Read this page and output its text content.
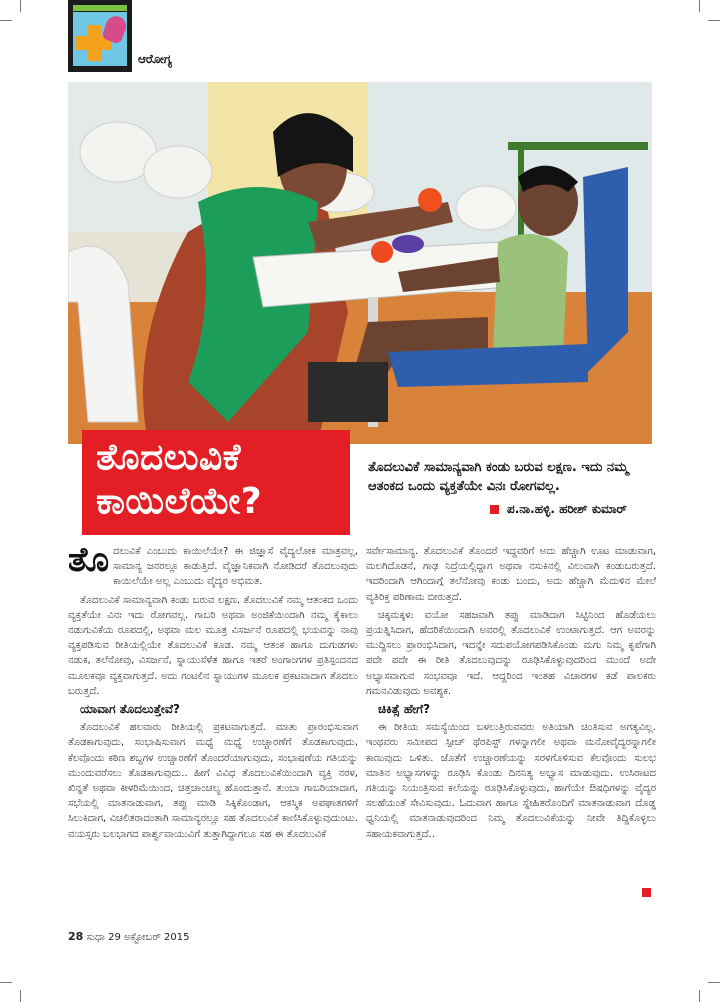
ಆರೋಗ್ಯ
ತೊದಲುವಿಕೆ
ಕಾಯಿಲೆಯೇ?
ತೊದಲುವಿಕೆ ಸಾಮಾನ್ಯವಾಗಿ ಕಂಡು ಬರುವ ಲಕ್ಷಣ. ಇದು ನಮ್ಮ ಆತಂಕದ ಒಂದು ವ್ಯಕ್ತತೆಯೇ ವಿನಃ ರೋಗವಲ್ಲ.
ಪ.ನಾ.ಹಳ್ಳಿ. ಹರೀಶ್ ಕುಮಾರ್

ತೊದಲುವಿಕೆ ಎಂಬುದು ಕಾಯಿಲೆಯೇ? ಈ ಜಿಜ್ಞಾಸೆ ವೈದ್ಯಲೋಕ ಮಾತ್ರವಲ್ಲ, ಸಾಮಾನ್ಯ ಜನರಲ್ಲೂ ಕಾಡುತ್ತಿದೆ. ವೈಜ್ಞಾನಿಕವಾಗಿ ನೋಡಿದರೆ ತೊದಲುವುದು ಕಾಯಿಲೆಯೇ ಅಲ್ಲ ಎಂಬುದು ವೈದ್ಯರ ಅಭಿಮತ.

ತೊದಲುವಿಕೆ ಸಾಮಾನ್ಯವಾಗಿ ಕಂಡು ಬರುವ ಲಕ್ಷಣ. ತೊದಲುವಿಕೆ ನಮ್ಮ ಆತಂಕದ ಒಂದು ವ್ಯಕ್ತತೆಯೇ ವಿನಃ ಇದು ರೋಗವಲ್ಲ. ಗಾಬರಿ ಅಥವಾ ಅಂಜಿಕೆಯಿಂದಾಗಿ ನಮ್ಮ ಕೈಕಾಲು ನಡುಗುವಿಕೆಯ ರೂಪದಲ್ಲಿ, ಅಥವಾ ಮಲ ಮೂತ್ರ ವಿಸರ್ಜನೆ ರೂಪದಲ್ಲಿ ಭಯವನ್ನು ನಾವು ವ್ಯಕ್ತಪಡಿಸುವ ರೀತಿಯಲ್ಲಿಯೇ ತೊದಲುವಿಕೆ ಕೂಡ. ನಮ್ಮ ಆತಂಕ ಹಾಗೂ ದುಗುಡಗಳು ನಡುಕ, ತಲೆನೋವು, ವಿಸರ್ಜನೆ, ಸ್ನಾಯುಸೆಳೆತ ಹಾಗೂ ಇತರೆ ಅಂಗಾಂಗಗಳ ಪ್ರತಿಸ್ಪಂದನದ ಮೂಲಕವೂ ವ್ಯಕ್ತವಾಗುತ್ತದೆ. ಅದು ಗಂಟಲಿನ ಸ್ನಾಯುಗಳ ಮೂಲಕ ಪ್ರಕಟವಾದಾಗ ತೊದಲು ಬರುತ್ತದೆ.

ಯಾವಾಗ ತೊದಲುತ್ತೇವೆ?

ತೊದಲುವಿಕೆ ಹಲವಾರು ರೀತಿಯಲ್ಲಿ ಪ್ರಕಟವಾಗುತ್ತದೆ. ಮಾತು ಪ್ರಾರಂಭಿಸುವಾಗ ತೊಡಕಾಗುವುದು, ಸಂಭಾಷಿಸುವಾಗ ಮಧ್ಯೆ ಮಧ್ಯೆ ಉಚ್ಚಾರಣೆಗೆ ತೊಡಕಾಗುವುದು, ಕೆಲವೊಂದು ಕಠಿಣ ಶಬ್ದಗಳ ಉಚ್ಚಾರಣೆಗೆ ತೊಂದರೆಯಾಗುವುದು, ಸಂಭಾಷಣೆಯ ಗತಿಯನ್ನು ಮುಂದುವರೆಸಲು ತೊಡಕಾಗುವುದು.. ಹೀಗೆ ವಿವಿಧ ತೊದಲುವಿಕೆಯಿಂದಾಗಿ ವ್ಯಕ್ತಿ ನರಳ, ಖಿನ್ನತೆ ಅಥವಾ ಕೀಳರಿಮೆಯಿಂದ, ಚಿತ್ತಚಾಂಚಲ್ಯ ಹೊಂದುತ್ತಾನೆ. ತುಂಬಾ ಗಾಬರಿಯಾದಾಗ, ಸಭೆಯಲ್ಲಿ ಮಾತನಾಡುವಾಗ, ತಪ್ಪು ಮಾಡಿ ಸಿಕ್ಕಿಕೊಂಡಾಗ, ಆಕಸ್ಮಿಕ ಅಪಘಾತಗಳಿಗೆ ಸಿಲುಕಿದಾಗ, ವಿಚಲಿತರಾದಂತಾಗಿ ಸಾಮಾನ್ಯರಲ್ಲೂ ಸಹ ತೊದಲುವಿಕೆ ಕಾಣಿಸಿಕೊಳ್ಳುವುದುಂಟು. ವಯಸ್ಸರು ಬಲಭಾಗದ ಪಾರ್ಶ್ವವಾಯುವಿಗೆ ತುತ್ತಾಗಿದ್ದಾಗಲೂ ಸಹ ಈ ತೊದಲುವಿಕೆ

ಸರ್ವೇಸಾಮಾನ್ಯ. ತೊದಲುವಿಕೆ ತೊಂದರೆ ಇದ್ದವರಿಗೆ ಅದು ಹೆಚ್ಚಾಗಿ ಊಟ ಮಾಡುವಾಗ, ಮಲಗಿದೊಡನೆ, ಗಾಢ ನಿದ್ರೆಯಲ್ಲಿದ್ದಾಗ ಅಥವಾ ನಸುಕಿನಲ್ಲಿ ವಿಲುವಾಗಿ ಕಂಡುಬರುತ್ತದೆ. ಇದರಿಂದಾಗಿ ಆಗಿಂದಾಗ್ಗೆ ತಲೆನೋವು ಕಂಡು ಬಂದು, ಅದು ಹೆಚ್ಚಾಗಿ ಮೆದುಳಿನ ಮೇಲೆ ವ್ಯತಿರಿಕ್ತ ಪರಿಣಾಮ ಬೀರುತ್ತದೆ.

ಚಿಕ್ಕಮಕ್ಕಳು ವಯೋ ಸಹಜವಾಗಿ ತಪ್ಪು ಮಾಡಿದಾಗ ಸಿಟ್ಟಿನಿಂದ ಹೊಡೆಯಲು ಪ್ರಯತ್ನಿಸಿದಾಗ, ಹೆದರಿಕೆಯಿಂದಾಗಿ ಅವರಲ್ಲಿ ತೊದಲುವಿಕೆ ಉಂಟಾಗುತ್ತದೆ. ಆಗ ಅವರನ್ನು ಮುದ್ದಿಸಲು ಪ್ರಾರಂಭಿಸಿದಾಗ, ಇದನ್ನೇ ಸದುಪಯೋಗಪಡಿಸಿಕೊಂಡು ಮಗು ನಿಮ್ಮ ಕೃಪೆಗಾಗಿ ಪದೇ ಪದೇ ಈ ರೀತಿ ತೊದಲುವುದನ್ನು ರೂಢಿಸಿಕೊಳ್ಳುವುದರಿಂದ ಮುಂದೆ ಅದೇ ಅಭ್ಯಾಸವಾಗುವ ಸಂಭವವೂ ಇದೆ. ಆದ್ದರಿಂದ ಇಂತಹ ವಿಚಾರಗಳ ಕಡೆ ಪಾಲಕರು ಗಮನವಿಡುವುದು ಅವಶ್ಯಕ.

ಚಿಕಿತ್ಸೆ ಹೇಗೆ?

ಈ ರೀತಿಯ ಸಮಸ್ಯೆಯಿಂದ ಬಳಲುತ್ತಿರುವವರು ಅತಿಯಾಗಿ ಚಿಂತಿಸುವ ಅಗತ್ಯವಿಲ್ಲ. ಇಂಥವರು ಸಮೀಪದ ಸ್ಪೀಚ್ ಥೆರಪಿಸ್ಟ್ ಗಳನ್ನಾಗಲೀ ಅಥವಾ ಮನೋವೈದ್ಯರನ್ನಾಗಲೀ ಕಾಣುವುದು ಒಳಿತು. ಜೊತೆಗೆ ಉಚ್ಚಾರಣೆಯನ್ನು ಸರಳಗೊಳಿಸುವ ಕೆಲವೊಂದು ಸುಲಭ ಮಾತಿನ ಅಭ್ಯಾಸಗಳನ್ನು ರೂಢಿಸಿ ಕೊಂಡು ದಿನನಿತ್ಯ ಅಭ್ಯಾಸ ಮಾಡುವುದು. ಉಸಿರಾಟದ ಗತಿಯನ್ನು ನಿಯಂತ್ರಿಸುವ ಕಲೆಯನ್ನು ರೂಢಿಸಿಕೊಳ್ಳುವುದು, ಹಾಗೆಯೇ ಔಷಧಿಗಳನ್ನು ವೈದ್ಯರ ಸಲಹೆಯಂತೆ ಸೇವಿಸುವುದು. ಓದುವಾಗ ಹಾಗೂ ಸ್ನೇಹಿತರೊಂದಿಗೆ ಮಾತನಾಡುವಾಗ ದೊಡ್ಡ ಧ್ವನಿಯಲ್ಲಿ ಮಾತನಾಡುವುದರಿಂದ ನಿಮ್ಮ ತೊದಲುವಿಕೆಯನ್ನು ನೀವೇ ತಿದ್ದಿಕೊಳ್ಳಲು ಸಹಾಯಕವಾಗುತ್ತದೆ..

28 ಸುಧಾ 29 ಅಕ್ಟೋಬರ್ 2015
